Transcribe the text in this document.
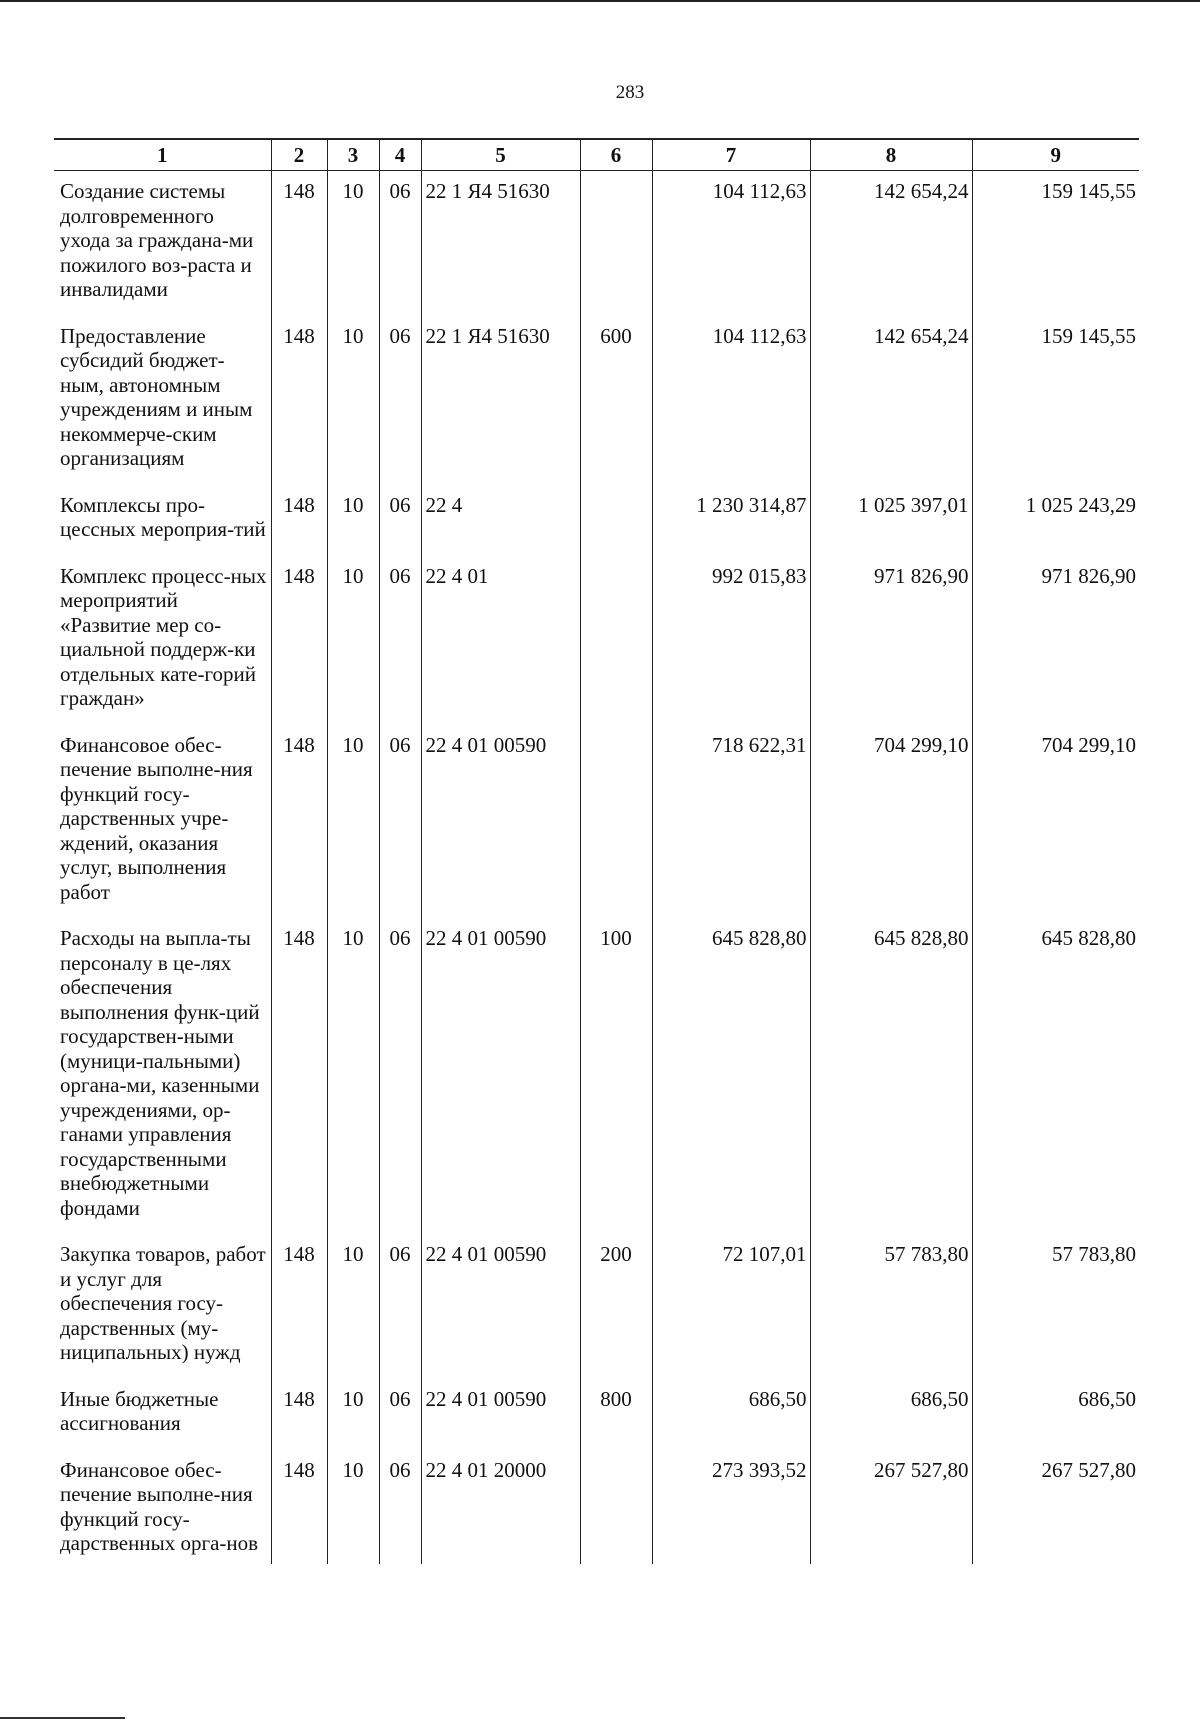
283
1	2	3	4	5	6	7	8	9
Создание системы долговременного ухода за граждана-ми пожилого воз-раста и инвалидами	148	10	06	22 1 Я4 51630		104 112,63	142 654,24	159 145,55
Предоставление субсидий бюджет-ным, автономным учреждениям и иным некоммерче-ским организациям	148	10	06	22 1 Я4 51630	600	104 112,63	142 654,24	159 145,55
Комплексы про-цессных мероприя-тий	148	10	06	22 4		1 230 314,87	1 025 397,01	1 025 243,29
Комплекс процесс-ных мероприятий «Развитие мер со-циальной поддерж-ки отдельных кате-горий граждан»	148	10	06	22 4 01		992 015,83	971 826,90	971 826,90
Финансовое обес-печение выполне-ния функций госу-дарственных учре-ждений, оказания услуг, выполнения работ	148	10	06	22 4 01 00590		718 622,31	704 299,10	704 299,10
Расходы на выпла-ты персоналу в це-лях обеспечения выполнения функ-ций государствен-ными (муници-пальными) органа-ми, казенными учреждениями, ор-ганами управления государственными внебюджетными фондами	148	10	06	22 4 01 00590	100	645 828,80	645 828,80	645 828,80
Закупка товаров, работ и услуг для обеспечения госу-дарственных (му-ниципальных) нужд	148	10	06	22 4 01 00590	200	72 107,01	57 783,80	57 783,80
Иные бюджетные ассигнования	148	10	06	22 4 01 00590	800	686,50	686,50	686,50
Финансовое обес-печение выполне-ния функций госу-дарственных орга-нов	148	10	06	22 4 01 20000		273 393,52	267 527,80	267 527,80
